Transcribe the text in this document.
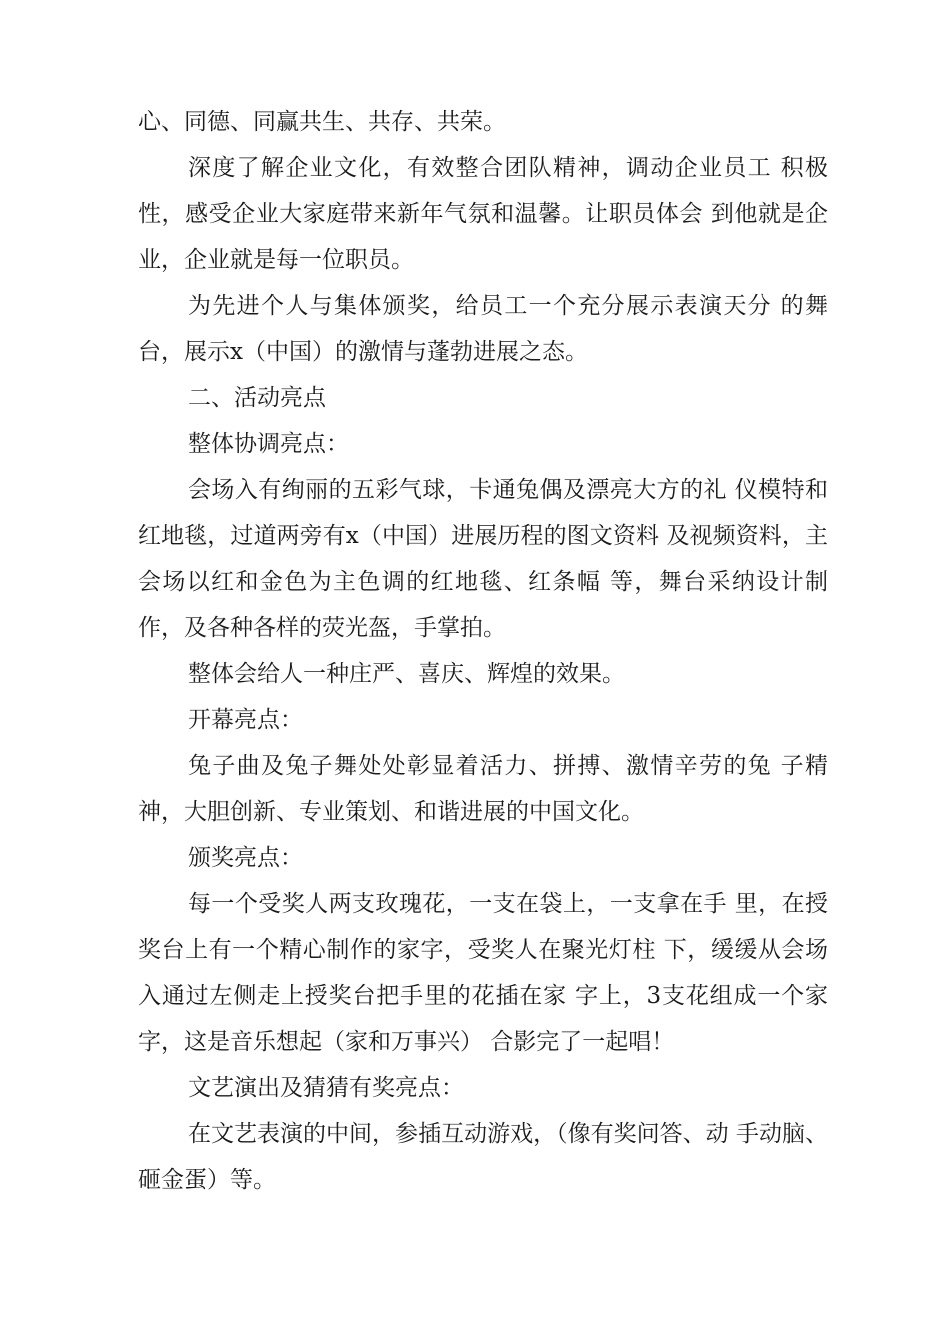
心、同德、同赢共生、共存、共荣。

深度了解企业文化，有效整合团队精神，调动企业员工 积极性，感受企业大家庭带来新年气氛和温馨。让职员体会 到他就是企业，企业就是每一位职员。

为先进个人与集体颁奖，给员工一个充分展示表演天分 的舞台，展示x（中国）的激情与蓬勃进展之态。

二、活动亮点

整体协调亮点：

会场入有绚丽的五彩气球，卡通兔偶及漂亮大方的礼 仪模特和红地毯，过道两旁有x（中国）进展历程的图文资料 及视频资料，主会场以红和金色为主色调的红地毯、红条幅 等，舞台采纳设计制作，及各种各样的荧光盔，手掌拍。

整体会给人一种庄严、喜庆、辉煌的效果。

开幕亮点：

兔子曲及兔子舞处处彰显着活力、拼搏、激情辛劳的兔 子精神，大胆创新、专业策划、和谐进展的中国文化。

颁奖亮点：

每一个受奖人两支玫瑰花，一支在袋上，一支拿在手 里，在授奖台上有一个精心制作的家字，受奖人在聚光灯柱 下，缓缓从会场入通过左侧走上授奖台把手里的花插在家 字上，3支花组成一个家字，这是音乐想起（家和万事兴） 合影完了一起唱！

文艺演出及猜猜有奖亮点：

在文艺表演的中间，参插互动游戏，（像有奖问答、动 手动脑、砸金蛋）等。
